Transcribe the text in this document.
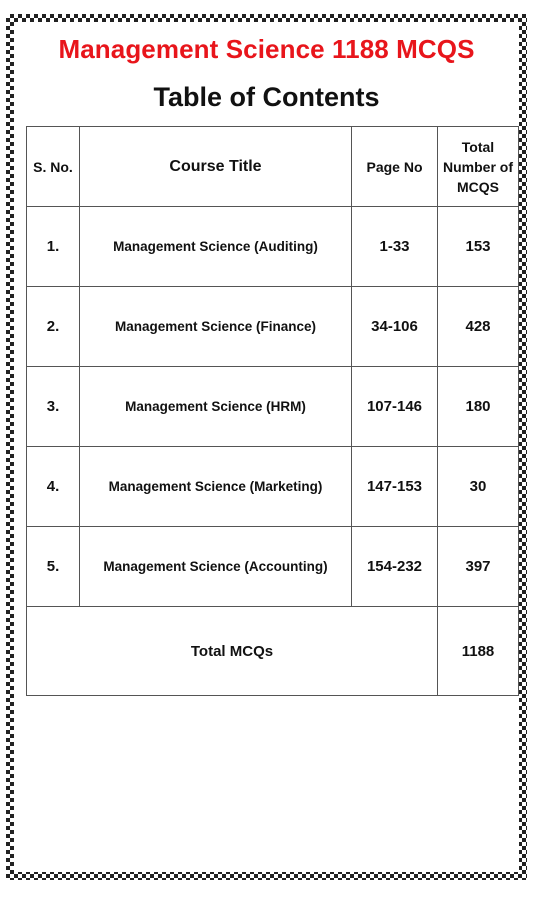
Management Science 1188 MCQS
Table of Contents
S. No.	Course Title	Page No	Total Number of MCQS
1.	Management Science (Auditing)	1-33	153
2.	Management Science (Finance)	34-106	428
3.	Management Science (HRM)	107-146	180
4.	Management Science (Marketing)	147-153	30
5.	Management Science (Accounting)	154-232	397
Total MCQs			1188
